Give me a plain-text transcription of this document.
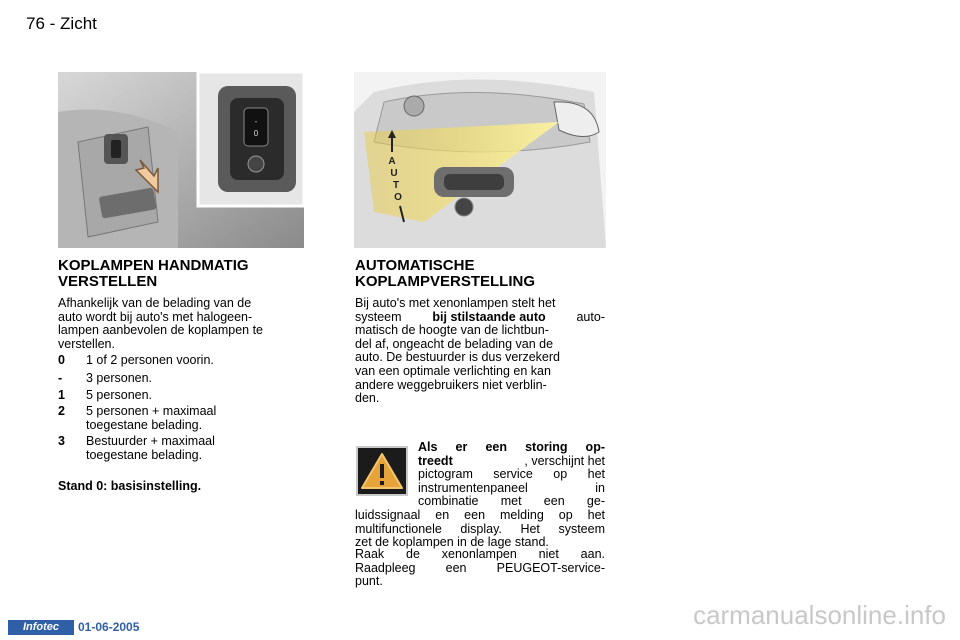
76 - Zicht
-
0
A
U
T
O
KOPLAMPEN HANDMATIG
VERSTELLEN
Afhankelijk van de belading van de
auto wordt bij auto's met halogeen-
lampen aanbevolen de koplampen te
verstellen.
0 1 of 2 personen voorin.
- 3 personen.
1 5 personen.
2 5 personen + maximaal
toegestane belading.
3 Bestuurder + maximaal
toegestane belading.
Stand 0: basisinstelling.
AUTOMATISCHE
KOPLAMPVERSTELLING
Bij auto's met xenonlampen stelt het
systeem bij stilstaande auto auto-
matisch de hoogte van de lichtbun-
del af, ongeacht de belading van de
auto. De bestuurder is dus verzekerd
van een optimale verlichting en kan
andere weggebruikers niet verblin-
den.
Als er een storing op-
treedt	, verschijnt het
pictogram service op het
instrumentenpaneel in
combinatie met een ge-
luidssignaal en een melding op het
multifunctionele display. Het systeem
zet de koplampen in de lage stand.
Raak de xenonlampen niet aan.
Raadpleeg een PEUGEOT-service-
punt.
Infotec	01-06-2005	carmanualsonline.info
